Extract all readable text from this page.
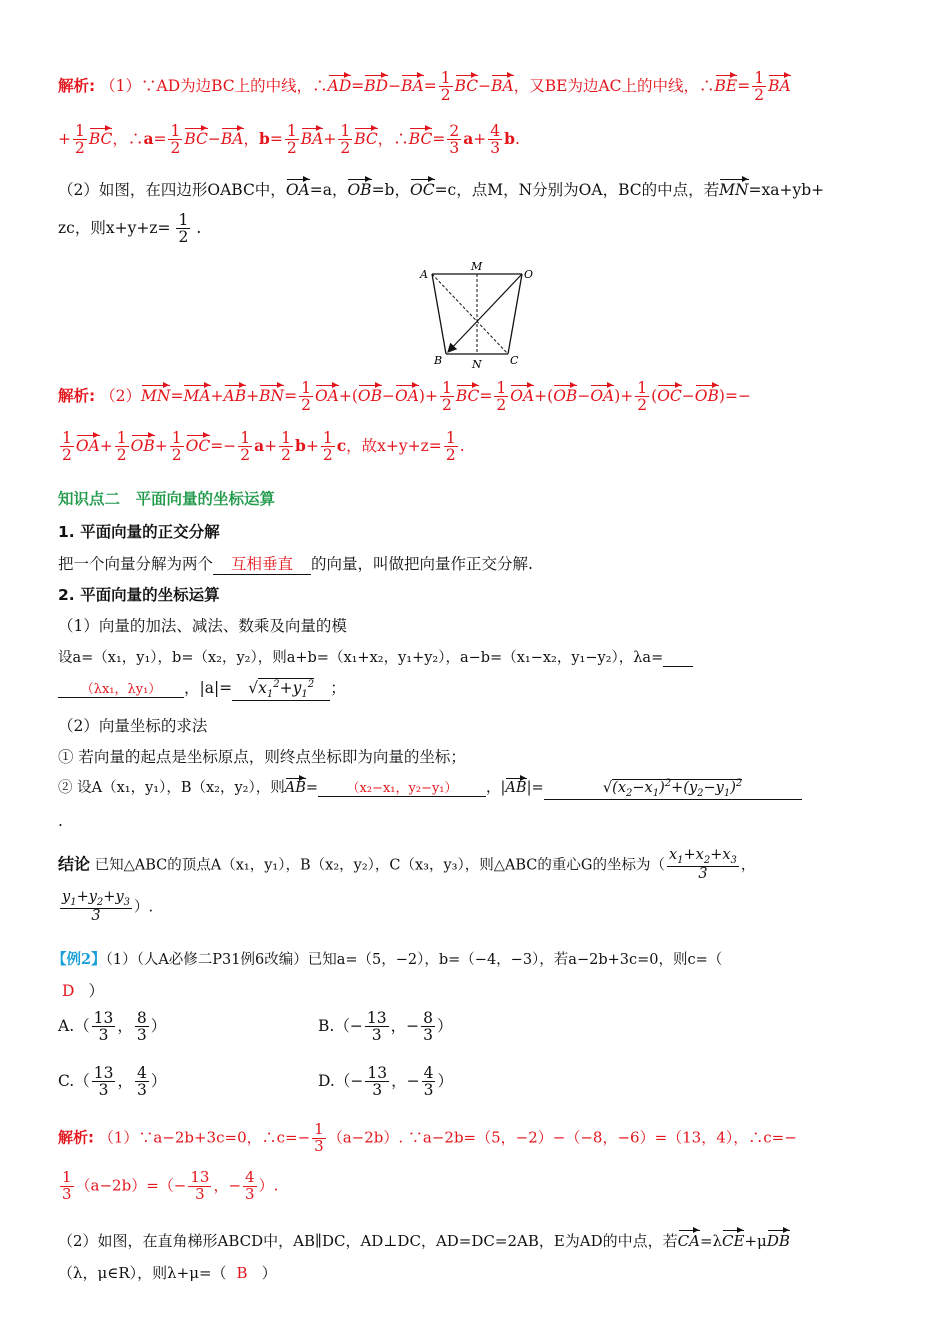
解析: （1）∵AD为边BC上的中线，∴AD=BD−BA= $\frac{1}{2} BC-BA$，又BE为边AC上的中线，∴BE= $\frac{1}{2}$ BA
+ $\frac{1}{2}$ BC，∴a= $\frac{1}{2} BC-BA$，$b= \frac{1}{2} BA+ \frac{1}{2}$ BC，∴BC= $\frac{2}{3} a+ \frac{4}{3} b$.
（2）如图，在四边形OABC中，OA=a，OB=b，OC=c，点M，N分别为OA，BC的中点，若MN=xa+yb+
zc，则$x+y+z= \frac{1}{2}$ .
A
M
O
B	N	C
解析: $(2)MN=MA+AB+BN= \frac{1}{2} OA+(OB-OA)+ \frac{1}{2} BC= \frac{1}{2} OA+(OB-OA)+ \frac{1}{2} (OC-OB)=-$
$\frac{1}{2} OA+ \frac{1}{2} OB+ \frac{1}{2} OC=- \frac{1}{2} a+ \frac{1}{2} b+ \frac{1}{2}$ c，故$x+y+z= \frac{1}{2}$ .
知识点二　平面向量的坐标运算
1. 平面向量的正交分解
把一个向量分解为两个 互相垂直 的向量，叫做把向量作正交分解.
2. 平面向量的坐标运算
（1）向量的加法、减法、数乘及向量的模
设a=（x₁，y₁），b=（x₂，y₂），则a+b=（x₁+x₂，y₁+y₂），a−b=（x₁−x₂，y₁−y₂），λa=
（λx₁，λy₁） ，$|a|= √x_1^2+y_1^2$ ；
（2）向量坐标的求法
① 若向量的起点是坐标原点，则终点坐标即为向量的坐标；
② 设A（x₁，y₁），B（x₂，y₂），则AB= （x₂−x₁，y₂−y₁） ，|AB|=	$√(x_2-x_1)^2+(y_2-y_1)^2$
.
结论 已知△ABC的顶点A（x₁，y₁），B（x₂，y₂），C（x₃，y₃），则△ABC的重心G的坐标为（ $\frac{x_1+x_2+x_3}{3}$ ，
$\frac{y_1+y_2+y_3}{3}$ ）.
【例2】（1）（人A必修二P31例6改编）已知a=（5，−2），b=（−4，−3），若a−2b+3c=0，则c=（
D ）
$A.( \frac{13}{3}$ ， $\frac{8}{3}$ ）	$B.(- \frac{13}{3}$ ，− $\frac{8}{3}$ ）
$C.( \frac{13}{3}$ ， $\frac{4}{3}$ ）	$D.(- \frac{13}{3}$ ，− $\frac{4}{3}$ ）
解析: （1）∵a−2b+3c=0，∴c=− $\frac{1}{3} (a-2b)$. ∵a−2b=（5，−2）−（−8，−6）=（13，4），∴c=−
$\frac{1}{3} (a-2b)=(- \frac{13}{3}$ ，− $\frac{4}{3}$ ）.
（2）如图，在直角梯形ABCD中，AB∥DC，AD⊥DC，AD=DC=2AB，E为AD的中点，若CA=λCE+μDB
（λ，μ∈R），则λ+μ=（ B ）
